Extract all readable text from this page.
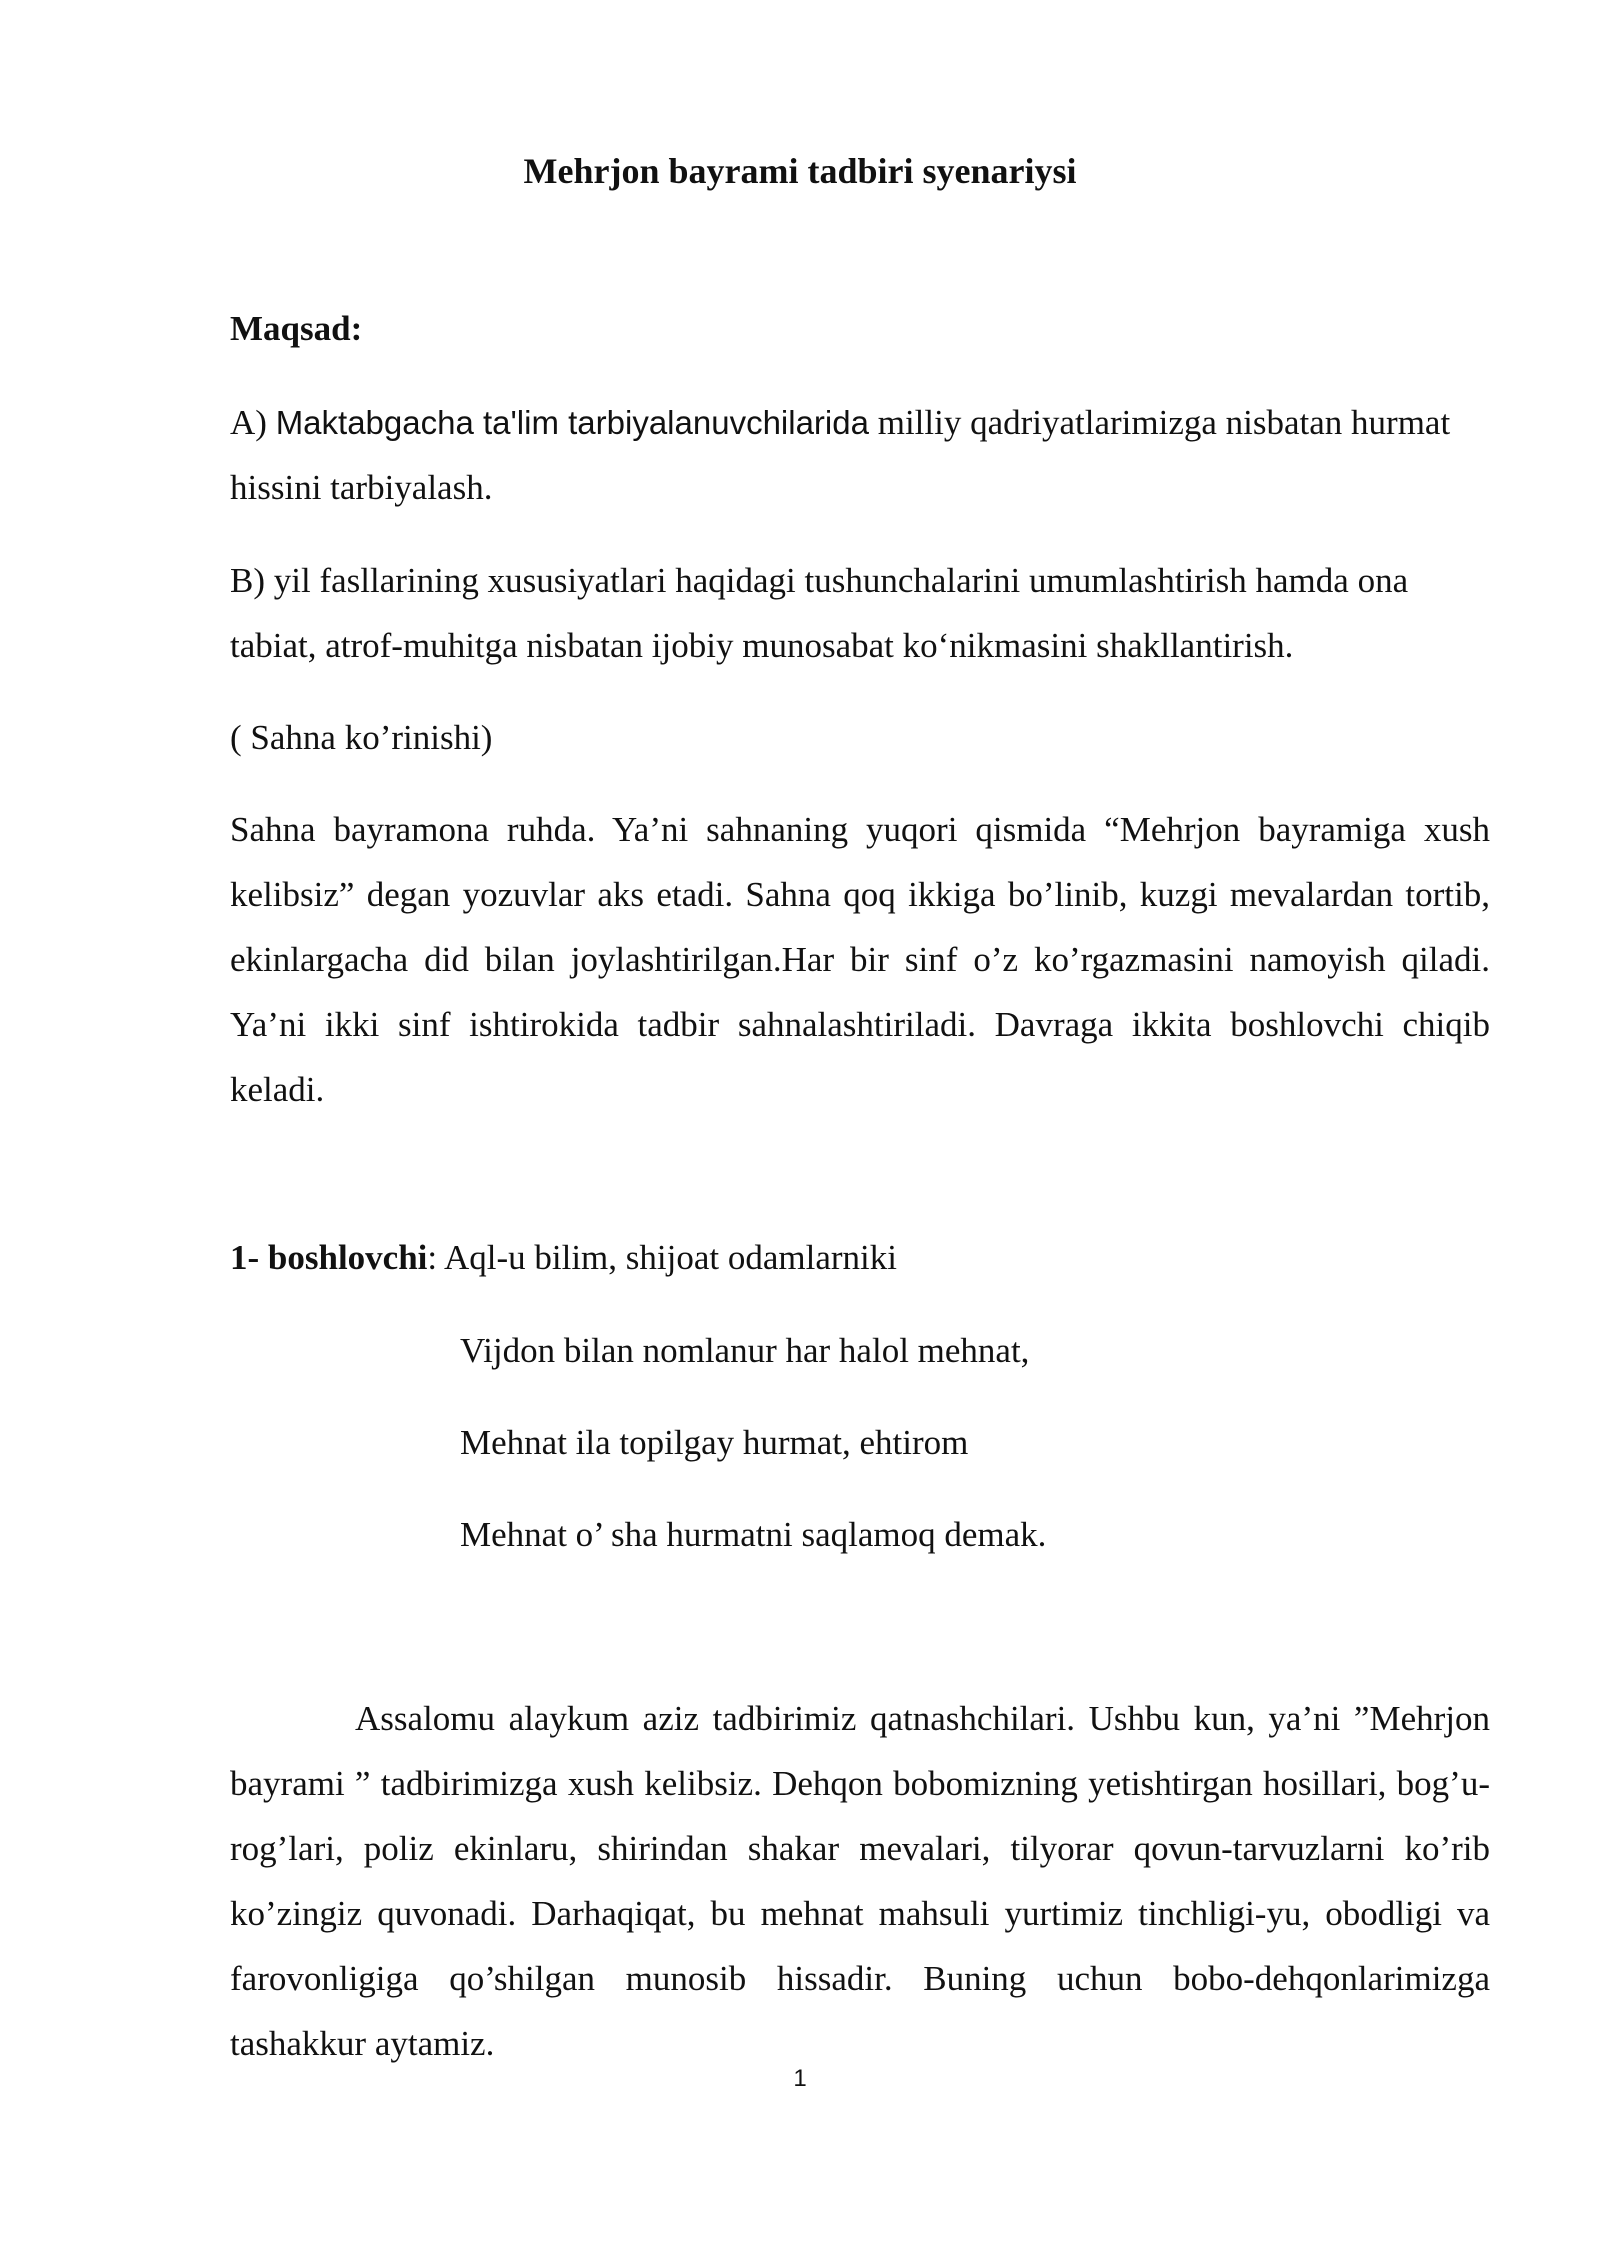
Mehrjon bayrami tadbiri syenariysi
Maqsad:
A) Maktabgacha ta'lim tarbiyalanuvchilarida milliy qadriyatlarimizga nisbatan hurmat hissini tarbiyalash.
B) yil fasllarining xususiyatlari haqidagi tushunchalarini umumlashtirish hamda ona tabiat, atrof-muhitga nisbatan ijobiy munosabat ko‘nikmasini shakllantirish.
( Sahna ko’rinishi)
Sahna bayramona ruhda. Ya’ni sahnaning yuqori qismida “Mehrjon bayramiga xush kelibsiz” degan yozuvlar aks etadi. Sahna qoq ikkiga bo’linib, kuzgi mevalardan tortib, ekinlargacha did bilan joylashtirilgan.Har bir sinf o’z ko’rgazmasini namoyish qiladi. Ya’ni ikki sinf ishtirokida tadbir sahnalashtiriladi. Davraga ikkita boshlovchi chiqib keladi.
1- boshlovchi: Aql-u bilim, shijoat odamlarniki
Vijdon bilan nomlanur har halol mehnat,
Mehnat ila topilgay hurmat, ehtirom
Mehnat o’ sha hurmatni saqlamoq demak.
Assalomu alaykum aziz tadbirimiz qatnashchilari. Ushbu kun, ya’ni ”Mehrjon bayrami ” tadbirimizga xush kelibsiz. Dehqon bobomizning yetishtirgan hosillari, bog’u-rog’lari, poliz ekinlaru, shirindan shakar mevalari, tilyorar qovun-tarvuzlarni ko’rib ko’zingiz quvonadi. Darhaqiqat, bu mehnat mahsuli yurtimiz tinchligi-yu, obodligi va farovonligiga qo’shilgan munosib hissadir. Buning uchun bobo-dehqonlarimizga tashakkur aytamiz.
1
